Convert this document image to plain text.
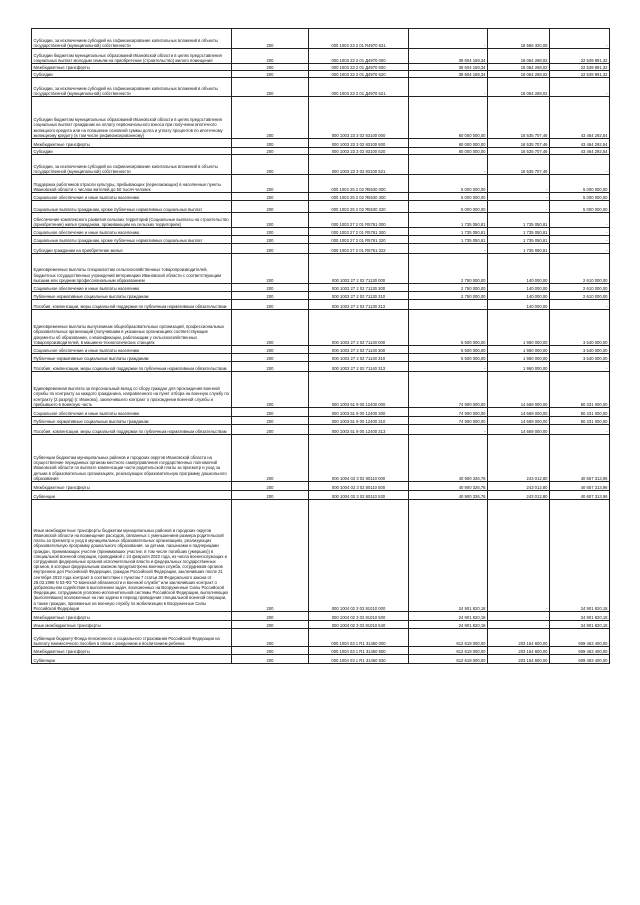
Субсидии, за исключением субсидий на софинансирование капитальных вложений в объекты государственной (муниципальной) собственности	200	000 1003 23 2 01 R4970 521	-	18 566 320,09	-
Субсидии бюджетам муниципальных образований Ивановской области в целях предоставления социальных выплат молодым семьям на приобретение (строительство) жилого помещения	200	000 1003 23 2 01 Д4970 000	38 604 159,34	16 064 268,02	22 539 891,32
Межбюджетные трансферты	200	000 1003 23 2 01 Д4970 500	38 604 159,34	16 064 268,02	22 539 891,32
Субсидии	200	000 1003 23 2 01 Д4970 520	38 604 159,34	16 064 268,02	22 539 891,32
Субсидии, за исключением субсидий на софинансирование капитальных вложений в объекты государственной (муниципальной) собственности	200	000 1003 23 2 01 Д4970 521	-	16 064 268,02	-
Субсидии бюджетам муниципальных образований Ивановской области в целях предоставления социальных выплат гражданам на оплату первоначального взноса при получении ипотечного жилищного кредита или на погашение основной суммы долга и уплату процентов по ипотечному жилищному кредиту (в том числе рефинансированному)	200	000 1003 23 3 02 83100 000	60 000 000,00	16 535 707,46	43 464 292,54
Межбюджетные трансферты	200	000 1003 23 3 02 83100 500	60 000 000,00	16 535 707,46	43 464 292,54
Субсидии	200	000 1003 23 3 02 83100 520	60 000 000,00	16 535 707,46	43 464 292,54
Субсидии, за исключением субсидий на софинансирование капитальных вложений в объекты государственной (муниципальной) собственности	200	000 1003 23 3 02 83100 521	-	16 535 707,46	-
Поддержка работников отрасли культуры, прибывающих (переезжающих) в населенные пункты Ивановской области с числом жителей до 50 тысяч человек	200	000 1003 25 2 02 Я5530 000	5 000 000,00	-	5 000 000,00
Социальное обеспечение и иные выплаты населению	200	000 1003 25 2 02 Я5530 300	5 000 000,00	-	5 000 000,00
Социальные выплаты гражданам, кроме публичных нормативных социальных выплат	200	000 1003 25 2 02 Я5530 320	5 000 000,00	-	5 000 000,00
Обеспечение комплексного развития сельских территорий (Социальные выплаты на строительство (приобретение) жилья гражданам, проживающим на сельских территориях)	200	000 1003 27 2 01 R5761 000	1 735 050,81	1 735 050,81	-
Социальное обеспечение и иные выплаты населению	200	000 1003 27 2 01 R5761 300	1 735 050,81	1 735 050,81	-
Социальные выплаты гражданам, кроме публичных нормативных социальных выплат	200	000 1003 27 2 01 R5761 320	1 735 050,81	1 735 050,81	-
Субсидии гражданам на приобретение жилья	200	000 1003 27 2 01 R5761 322	-	1 735 050,81	-
Единовременные выплаты специалистам сельскохозяйственных товаропроизводителей, бюджетных государственных учреждений ветеринарии Ивановской области с соответствующим высшим или средним профессиональным образованием	200	000 1003 27 2 02 71130 000	2 750 000,00	140 000,00	2 610 000,00
Социальное обеспечение и иные выплаты населению	200	000 1003 27 2 02 71130 300	2 750 000,00	140 000,00	2 610 000,00
Публичные нормативные социальные выплаты гражданам	200	000 1003 27 2 02 71130 310	2 750 000,00	140 000,00	2 610 000,00
Пособия, компенсации, меры социальной поддержки по публичным нормативным обязательствам	200	000 1003 27 2 02 71130 313	-	140 000,00	-
Единовременные выплаты выпускникам общеобразовательных организаций, профессиональных образовательных организаций (получившим в указанных организациях соответствующие документы об образовании, о квалификации, работающим у сельскохозяйственных товаропроизводителей, в машинно-технологических станциях	200	000 1003 27 2 02 71140 000	5 500 000,00	1 960 000,00	3 540 000,00
Социальное обеспечение и иные выплаты населению	200	000 1003 27 2 02 71140 300	5 500 000,00	1 960 000,00	3 540 000,00
Публичные нормативные социальные выплаты гражданам	200	000 1003 27 2 02 71140 310	5 500 000,00	1 960 000,00	3 540 000,00
Пособия, компенсации, меры социальной поддержки по публичным нормативным обязательствам	200	000 1003 27 2 02 71140 313	-	1 960 000,00	-
Единовременная выплата за персональный вклад со сбору граждан для прохождения военной службы по контракту за каждого гражданина, направленного на пункт отбора на военную службу по контракту (2 разряд) (г. Иваново), заключившего контракт о прохождении военной службы и прибывшего в воинскую часть	200	000 1003 51 9 00 12400 000	74 900 000,00	14 569 000,00	60 331 000,00
Социальное обеспечение и иные выплаты населению	200	000 1003 51 9 00 12400 300	74 900 000,00	14 569 000,00	60 331 000,00
Публичные нормативные социальные выплаты гражданам	200	000 1003 51 9 00 12400 310	74 900 000,00	14 569 000,00	60 331 000,00
Пособия, компенсации, меры социальной поддержки по публичным нормативным обязательствам	200	000 1003 51 9 00 12400 313	-	14 569 000,00	-
Субвенции бюджетам муниципальных районов и городских округов Ивановской области на осуществление переданных органам местного самоуправления государственных полномочий Ивановской области по выплате компенсации части родительской платы за присмотр и уход за детьми в образовательных организациях, реализующих образовательную программу дошкольного образования	200	000 1004 02 3 02 80110 000	40 900 326,76	243 012,80	40 657 313,96
Межбюджетные трансферты	200	000 1004 02 3 02 80110 500	40 900 326,76	243 012,80	40 657 313,96
Субвенции	200	000 1004 02 3 02 80110 530	40 900 326,76	243 012,80	40 657 313,96
Иные межбюджетные трансферты бюджетам муниципальных районов и городских округов Ивановской области на возмещение расходов, связанных с уменьшением размера родительской платы за присмотр и уход в муниципальных образовательных организациях, реализующих образовательную программу дошкольного образования, за детьми, пасынками и падчерицами граждан, принимающих участие (принимавших участие, в том числе погибших (умерших)) в специальной военной операции, проводимой с 24 февраля 2022 года, из числа военнослужащих и сотрудников федеральных органов исполнительной власти и федеральных государственных органов, в которых федеральным законом предусмотрена военная служба, сотрудников органов внутренних дел Российской Федерации, граждан Российской Федерации, заключивших после 21 сентября 2022 года контракт в соответствии с пунктом 7 статьи 38 Федерального закона от 28.03.1998 N 53-ФЗ "О воинской обязанности и военной службе" или заключивших контракт о добровольном содействии в выполнении задач, возложенных на Вооруженные Силы Российской Федерации, сотрудников уголовно-исполнительной системы Российской Федерации, выполняющих (выполнявших) возложенные на них задачи в период проведения специальной военной операции, а также граждан, призванных на военную службу по мобилизации в Вооруженные Силы Российской Федерации	200	000 1004 02 3 02 81010 000	24 901 820,18	-	24 901 820,18
Межбюджетные трансферты	200	000 1004 02 3 02 81010 500	24 901 820,18	-	24 901 820,18
Иные межбюджетные трансферты	200	000 1004 02 3 02 81010 540	24 901 820,18	-	24 901 820,18
Субвенции бюджету Фонда пенсионного и социального страхования Российской Федерации на выплату ежемесячного пособия в связи с рождением и воспитанием ребенка	200	000 1004 03 1 R1 31460 000	812 618 000,00	203 154 600,00	609 463 400,00
Межбюджетные трансферты	200	000 1004 03 1 R1 31460 500	812 618 000,00	203 154 600,00	609 463 400,00
Субвенции	200	000 1004 03 1 R1 31460 530	812 618 000,00	203 154 600,00	609 463 400,00
